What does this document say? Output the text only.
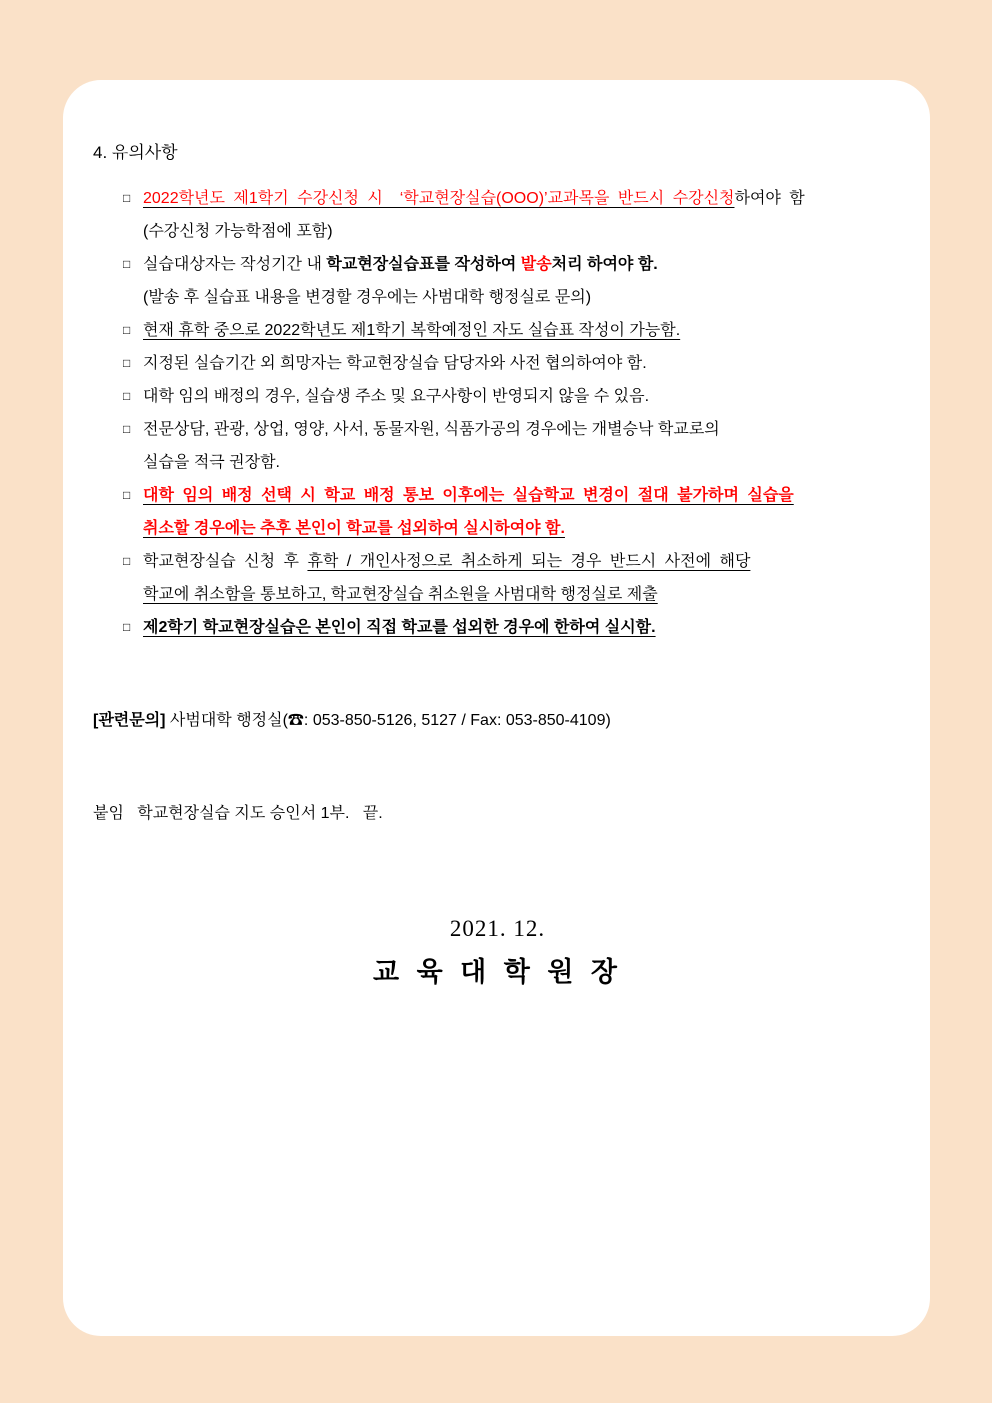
4. 유의사항
□ 2022학년도 제1학기 수강신청 시  ‘학교현장실습(OOO)’교과목을 반드시 수강신청하여야 함
(수강신청 가능학점에 포함)
□ 실습대상자는 작성기간 내 학교현장실습표를 작성하여 발송처리 하여야 함.
(발송 후 실습표 내용을 변경할 경우에는 사범대학 행정실로 문의)
□ 현재 휴학 중으로 2022학년도 제1학기 복학예정인 자도 실습표 작성이 가능함.
□ 지정된 실습기간 외 희망자는 학교현장실습 담당자와 사전 협의하여야 함.
□ 대학 임의 배정의 경우, 실습생 주소 및 요구사항이 반영되지 않을 수 있음.
□ 전문상담, 관광, 상업, 영양, 사서, 동물자원, 식품가공의 경우에는 개별승낙 학교로의
실습을 적극 권장함.
□ 대학 임의 배정 선택 시 학교 배정 통보 이후에는 실습학교 변경이 절대 불가하며 실습을
취소할 경우에는 추후 본인이 학교를 섭외하여 실시하여야 함.
□ 학교현장실습 신청 후 휴학 / 개인사정으로 취소하게 되는 경우 반드시 사전에 해당
학교에 취소함을 통보하고, 학교현장실습 취소원을 사범대학 행정실로 제출
□ 제2학기 학교현장실습은 본인이 직접 학교를 섭외한 경우에 한하여 실시함.
[관련문의] 사범대학 행정실(☎: 053-850-5126, 5127 / Fax: 053-850-4109)
붙임   학교현장실습 지도 승인서 1부.   끝.
2021. 12.
교 육 대 학 원 장
